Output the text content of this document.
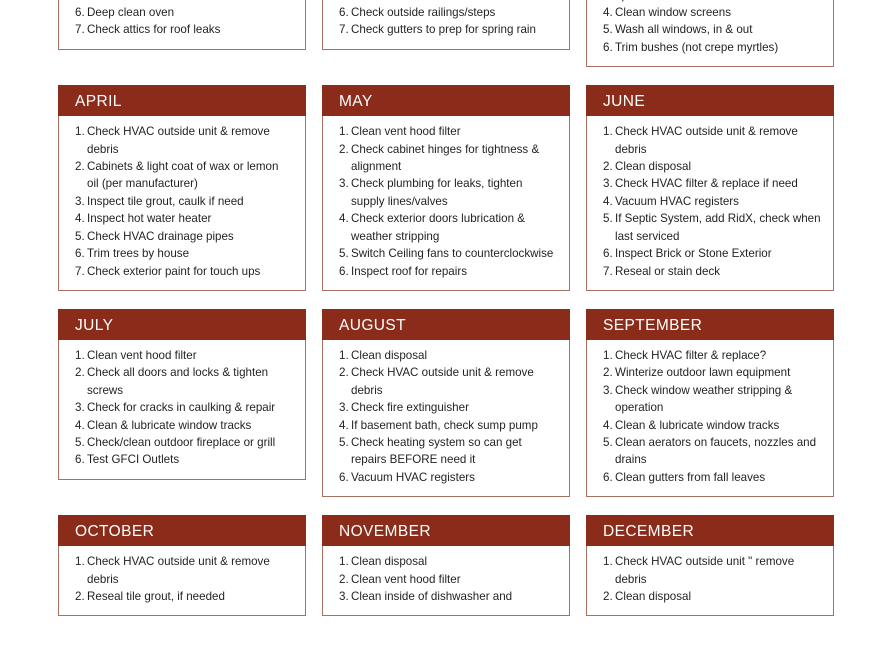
6. Deep clean oven
7. Check attics for roof leaks
6. Check outside railings/steps
7. Check gutters to prep for spring rain
4. Clean window screens
5. Wash all windows, in & out
6. Trim bushes (not crepe myrtles)
APRIL
1. Check HVAC outside unit & remove debris
2. Cabinets & light coat of wax or lemon oil (per manufacturer)
3. Inspect tile grout, caulk if need
4. Inspect hot water heater
5. Check HVAC drainage pipes
6. Trim trees by house
7. Check exterior paint for touch ups
MAY
1. Clean vent hood filter
2. Check cabinet hinges for tightness & alignment
3. Check plumbing for leaks, tighten supply lines/valves
4. Check exterior doors lubrication & weather stripping
5. Switch Ceiling fans to counterclockwise
6. Inspect roof for repairs
JUNE
1. Check HVAC outside unit & remove debris
2. Clean disposal
3. Check HVAC filter & replace if need
4. Vacuum HVAC registers
5. If Septic System, add RidX, check when last serviced
6. Inspect Brick or Stone Exterior
7. Reseal or stain deck
JULY
1. Clean vent hood filter
2. Check all doors and locks & tighten screws
3. Check for cracks in caulking & repair
4. Clean & lubricate window tracks
5. Check/clean outdoor fireplace or grill
6. Test GFCI Outlets
AUGUST
1. Clean disposal
2. Check HVAC outside unit & remove debris
3. Check fire extinguisher
4. If basement bath, check sump pump
5. Check heating system so can get repairs BEFORE need it
6. Vacuum HVAC registers
SEPTEMBER
1. Check HVAC filter & replace?
2. Winterize outdoor lawn equipment
3. Check window weather stripping & operation
4. Clean & lubricate window tracks
5. Clean aerators on faucets, nozzles and drains
6. Clean gutters from fall leaves
OCTOBER
1. Check HVAC outside unit & remove debris
2. Reseal tile grout, if needed
NOVEMBER
1. Clean disposal
2. Clean vent hood filter
3. Clean inside of dishwasher and
DECEMBER
1. Check HVAC outside unit " remove debris
2. Clean disposal
